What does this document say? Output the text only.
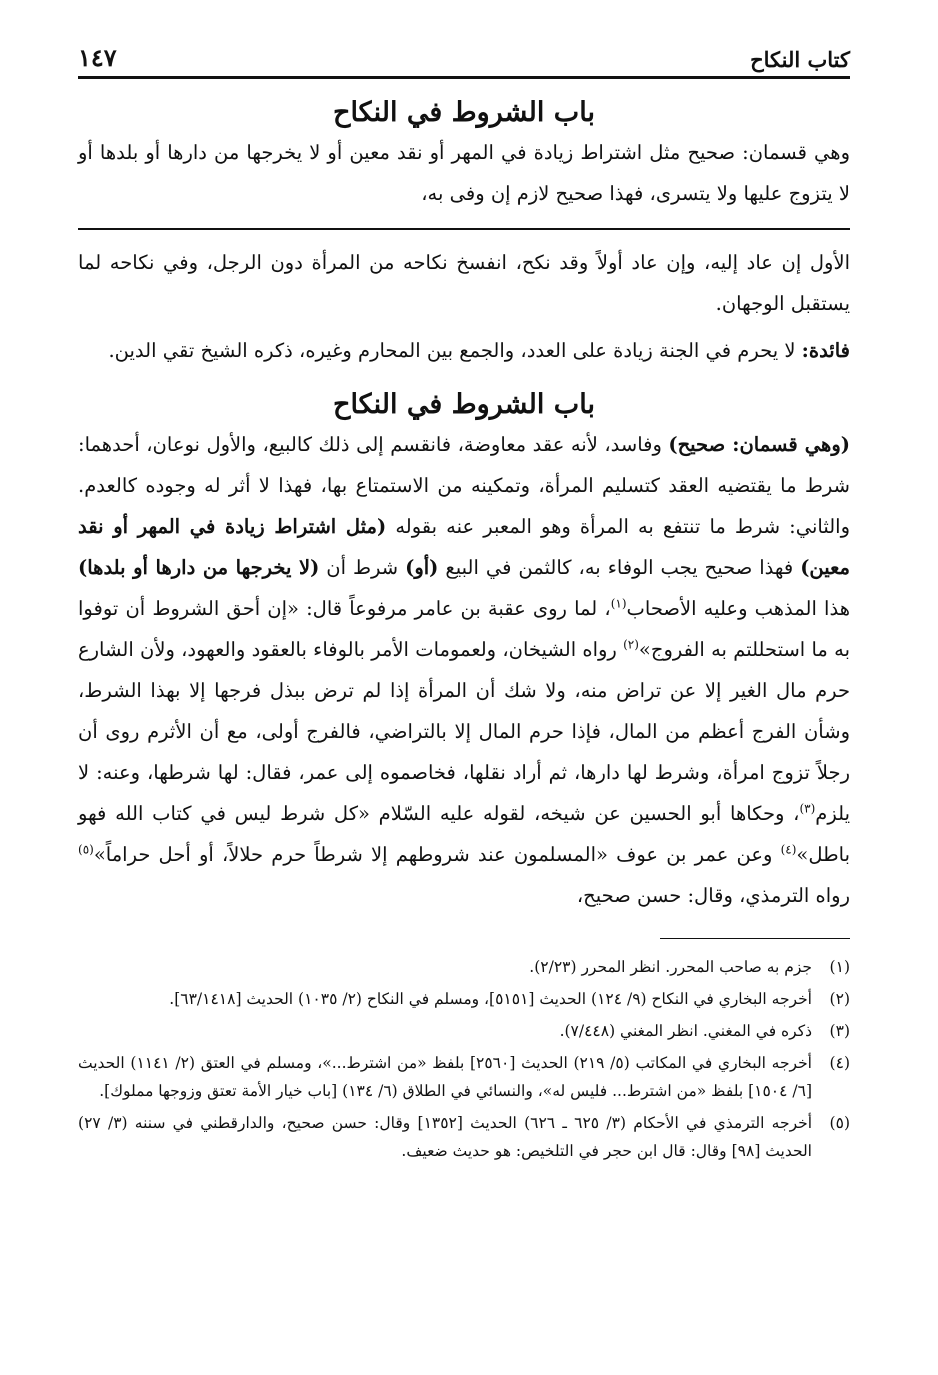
كتاب النكاح
١٤٧
باب الشروط في النكاح

وهي قسمان: صحيح مثل اشتراط زيادة في المهر أو نقد معين أو لا يخرجها من دارها أو بلدها أو لا يتزوج عليها ولا يتسرى، فهذا صحيح لازم إن وفى به،

الأول إن عاد إليه، وإن عاد أولاً وقد نكح، انفسخ نكاحه من المرأة دون الرجل، وفي نكاحه لما يستقبل الوجهان.

فائدة: لا يحرم في الجنة زيادة على العدد، والجمع بين المحارم وغيره، ذكره الشيخ تقي الدين.

باب الشروط في النكاح

(وهي قسمان: صحيح) وفاسد، لأنه عقد معاوضة، فانقسم إلى ذلك كالبيع، والأول نوعان، أحدهما: شرط ما يقتضيه العقد كتسليم المرأة، وتمكينه من الاستمتاع بها، فهذا لا أثر له وجوده كالعدم. والثاني: شرط ما تنتفع به المرأة وهو المعبر عنه بقوله (مثل اشتراط زيادة في المهر أو نقد معين) فهذا صحيح يجب الوفاء به، كالثمن في البيع (أو) شرط أن (لا يخرجها من دارها أو بلدها) هذا المذهب وعليه الأصحاب$^{(١)}$، لما روى عقبة بن عامر مرفوعاً قال: «إن أحق الشروط أن توفوا به ما استحللتم به الفروج»$^{(٢)}$ رواه الشيخان، ولعمومات الأمر بالوفاء بالعقود والعهود، ولأن الشارع حرم مال الغير إلا عن تراض منه، ولا شك أن المرأة إذا لم ترض ببذل فرجها إلا بهذا الشرط، وشأن الفرج أعظم من المال، فإذا حرم المال إلا بالتراضي، فالفرج أولى، مع أن الأثرم روى أن رجلاً تزوج امرأة، وشرط لها دارها، ثم أراد نقلها، فخاصموه إلى عمر، فقال: لها شرطها، وعنه: لا يلزم$^{(٣)}$، وحكاها أبو الحسين عن شيخه، لقوله عليه السّلام «كل شرط ليس في كتاب الله فهو باطل»$^{(٤)}$ وعن عمر بن عوف «المسلمون عند شروطهم إلا شرطاً حرم حلالاً، أو أحل حراماً»$^{(٥)}$ رواه الترمذي، وقال: حسن صحيح،

(١)
جزم به صاحب المحرر. انظر المحرر (٢/٢٣).
(٢)
أخرجه البخاري في النكاح (٩/ ١٢٤) الحديث [٥١٥١]، ومسلم في النكاح (٢/ ١٠٣٥) الحديث [٦٣/١٤١٨].
(٣)
ذكره في المغني. انظر المغني (٧/٤٤٨).
(٤)
أخرجه البخاري في المكاتب (٥/ ٢١٩) الحديث [٢٥٦٠] بلفظ «من اشترط...»، ومسلم في العتق (٢/ ١١٤١) الحديث [٦/ ١٥٠٤] بلفظ «من اشترط... فليس له»، والنسائي في الطلاق (٦/ ١٣٤) [باب خيار الأمة تعتق وزوجها مملوك].
(٥)
أخرجه الترمذي في الأحكام (٣/ ٦٢٥ ـ ٦٢٦) الحديث [١٣٥٢] وقال: حسن صحيح، والدارقطني في سننه (٣/ ٢٧) الحديث [٩٨] وقال: قال ابن حجر في التلخيص: هو حديث ضعيف.
